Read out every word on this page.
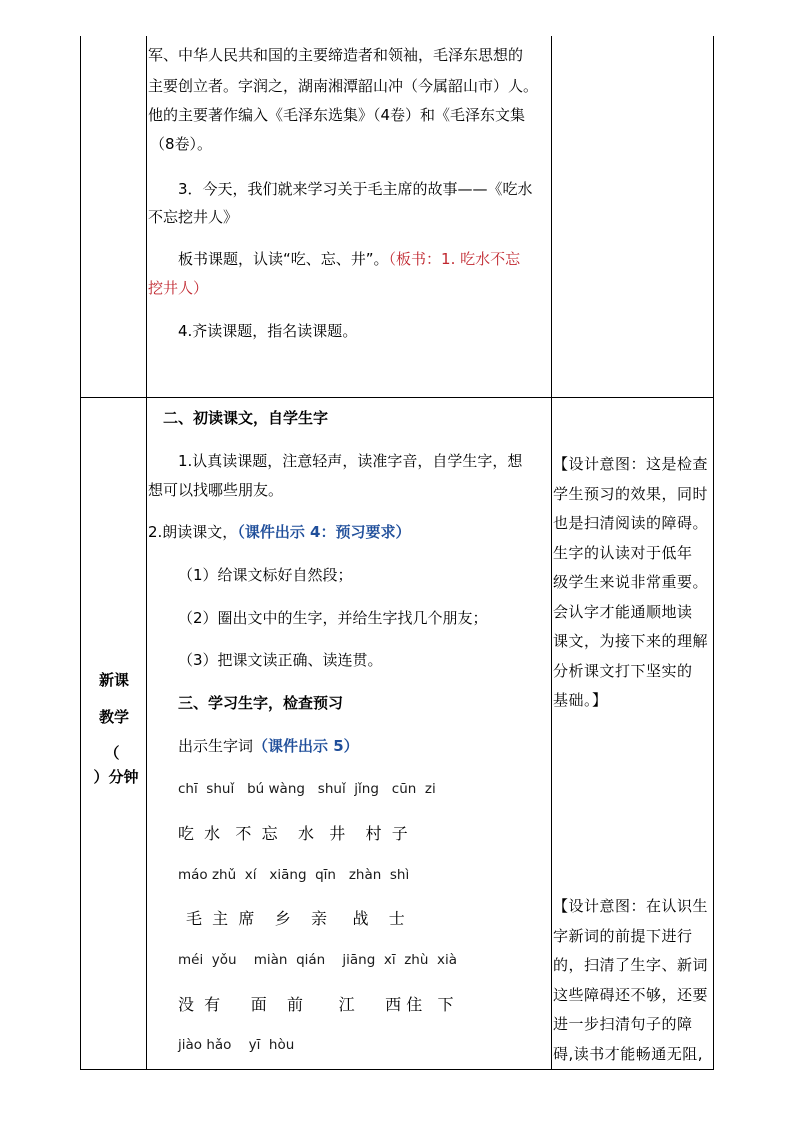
军、中华人民共和国的主要缔造者和领袖，毛泽东思想的
主要创立者。字润之，湖南湘潭韶山冲（今属韶山市）人。
他的主要著作编入《毛泽东选集》（4卷）和《毛泽东文集
（8卷）。
3．今天，我们就来学习关于毛主席的故事——《吃水
不忘挖井人》
板书课题，认读“吃、忘、井”。（板书：1. 吃水不忘
挖井人）
4.齐读课题，指名读课题。
新课
教学
（
）分钟
二、初读课文，自学生字
1.认真读课题，注意轻声，读准字音，自学生字，想
想可以找哪些朋友。
2.朗读课文，（课件出示 4：预习要求）
（1）给课文标好自然段；
（2）圈出文中的生字，并给生字找几个朋友；
（3）把课文读正确、读连贯。
三、学习生字，检查预习
出示生字词（课件出示 5）
chī  shuǐ   bú wàng   shuǐ  jǐng   cūn  zi
吃  水   不  忘    水   井    村  子
máo zhǔ  xí   xiāng  qīn   zhàn  shì
毛  主  席    乡    亲     战    士
méi  yǒu    miàn  qián    jiāng  xī  zhù  xià
没  有      面    前       江      西 住   下
jiào hǎo    yī  hòu
【设计意图：这是检查
学生预习的效果，同时
也是扫清阅读的障碍。
生字的认读对于低年
级学生来说非常重要。
会认字才能通顺地读
课文，为接下来的理解
分析课文打下坚实的
基础。】
【设计意图：在认识生
字新词的前提下进行
的，扫清了生字、新词
这些障碍还不够，还要
进一步扫清句子的障
碍,读书才能畅通无阻,
